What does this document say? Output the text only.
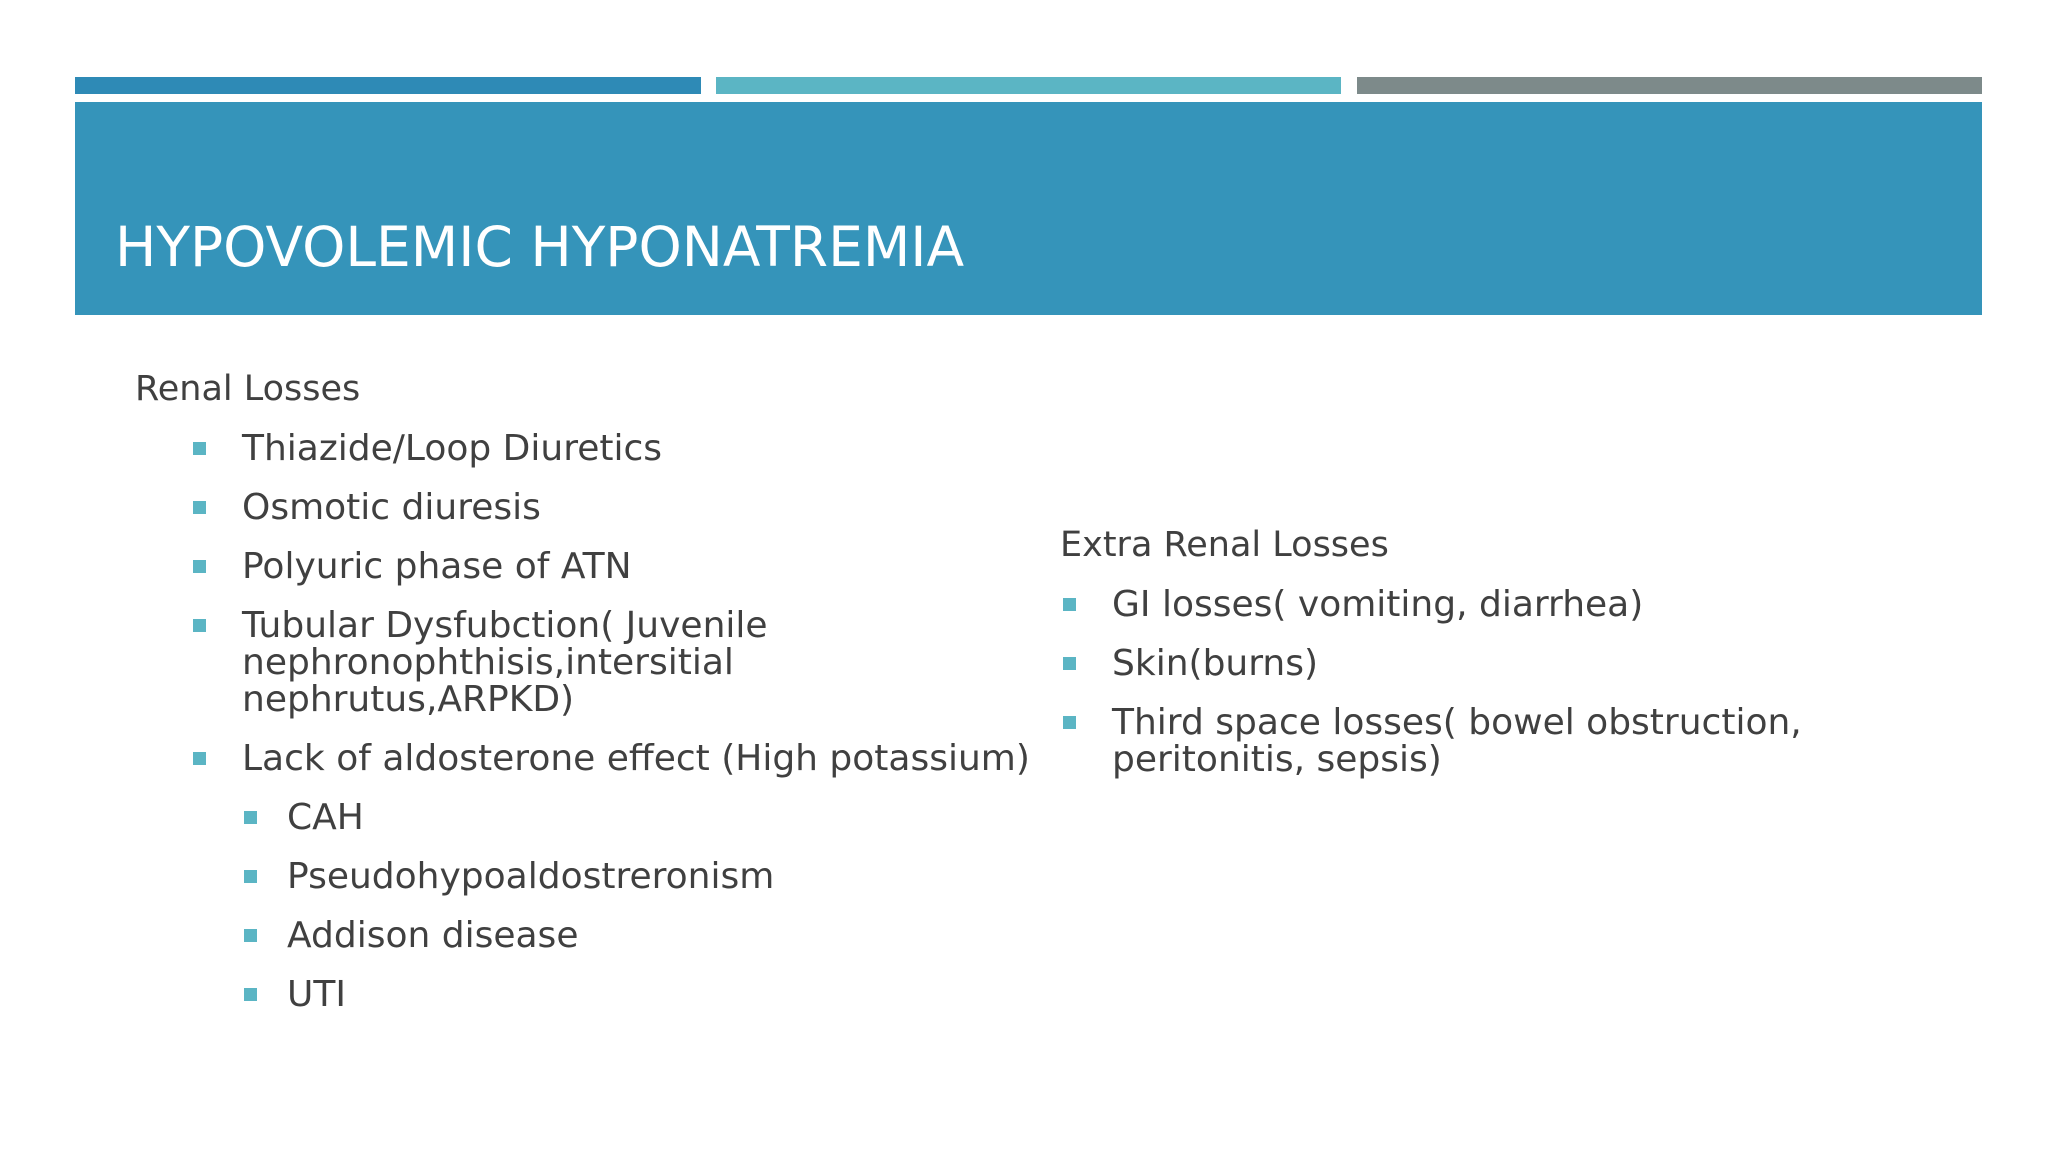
HYPOVOLEMIC HYPONATREMIA

Renal Losses

Thiazide/Loop Diuretics
Osmotic diuresis
Polyuric phase of ATN
Tubular Dysfubction( Juvenile nephronophthisis,intersitial nephrutus,ARPKD)
Lack of aldosterone effect (High potassium)
CAH
Pseudohypoaldostreronism
Addison disease
UTI

Extra Renal Losses

GI losses( vomiting, diarrhea)
Skin(burns)
Third space losses( bowel obstruction, peritonitis, sepsis)
